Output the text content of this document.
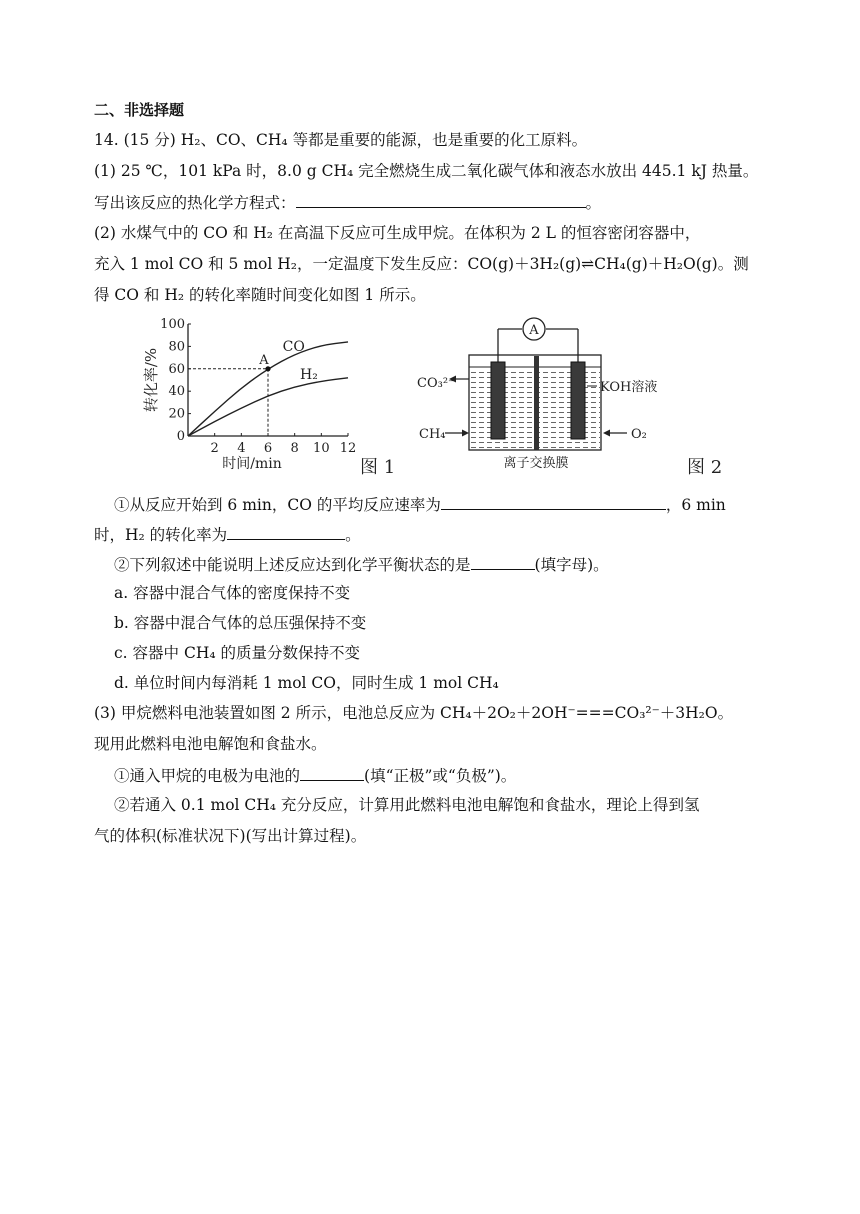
二、非选择题
14. (15 分) H₂、CO、CH₄ 等都是重要的能源，也是重要的化工原料。
(1) 25 ℃，101 kPa 时，8.0 g CH₄ 完全燃烧生成二氧化碳气体和液态水放出 445.1 kJ 热量。
写出该反应的热化学方程式：	。
(2) 水煤气中的 CO 和 H₂ 在高温下反应可生成甲烷。在体积为 2 L 的恒容密闭容器中，
充入 1 mol CO 和 5 mol H₂，一定温度下发生反应：CO(g)＋3H₂(g)⇌CH₄(g)＋H₂O(g)。测
得 CO 和 H₂ 的转化率随时间变化如图 1 所示。
0
20
40
60
80
100
2 4 6 8 10 12
时间/min
转化率/%
CO
H₂
A
图 1
A
CO₃²⁻
CH₄	O₂
KOH溶液
离子交换膜	图 2
①从反应开始到 6 min，CO 的平均反应速率为	，6 min
时，H₂ 的转化率为	。
②下列叙述中能说明上述反应达到化学平衡状态的是	(填字母)。
a. 容器中混合气体的密度保持不变
b. 容器中混合气体的总压强保持不变
c. 容器中 CH₄ 的质量分数保持不变
d. 单位时间内每消耗 1 mol CO，同时生成 1 mol CH₄
(3) 甲烷燃料电池装置如图 2 所示，电池总反应为 CH₄＋2O₂＋2OH⁻===CO₃²⁻＋3H₂O。
现用此燃料电池电解饱和食盐水。
①通入甲烷的电极为电池的	(填“正极”或“负极”)。
②若通入 0.1 mol CH₄ 充分反应，计算用此燃料电池电解饱和食盐水，理论上得到氢
气的体积(标准状况下)(写出计算过程)。
